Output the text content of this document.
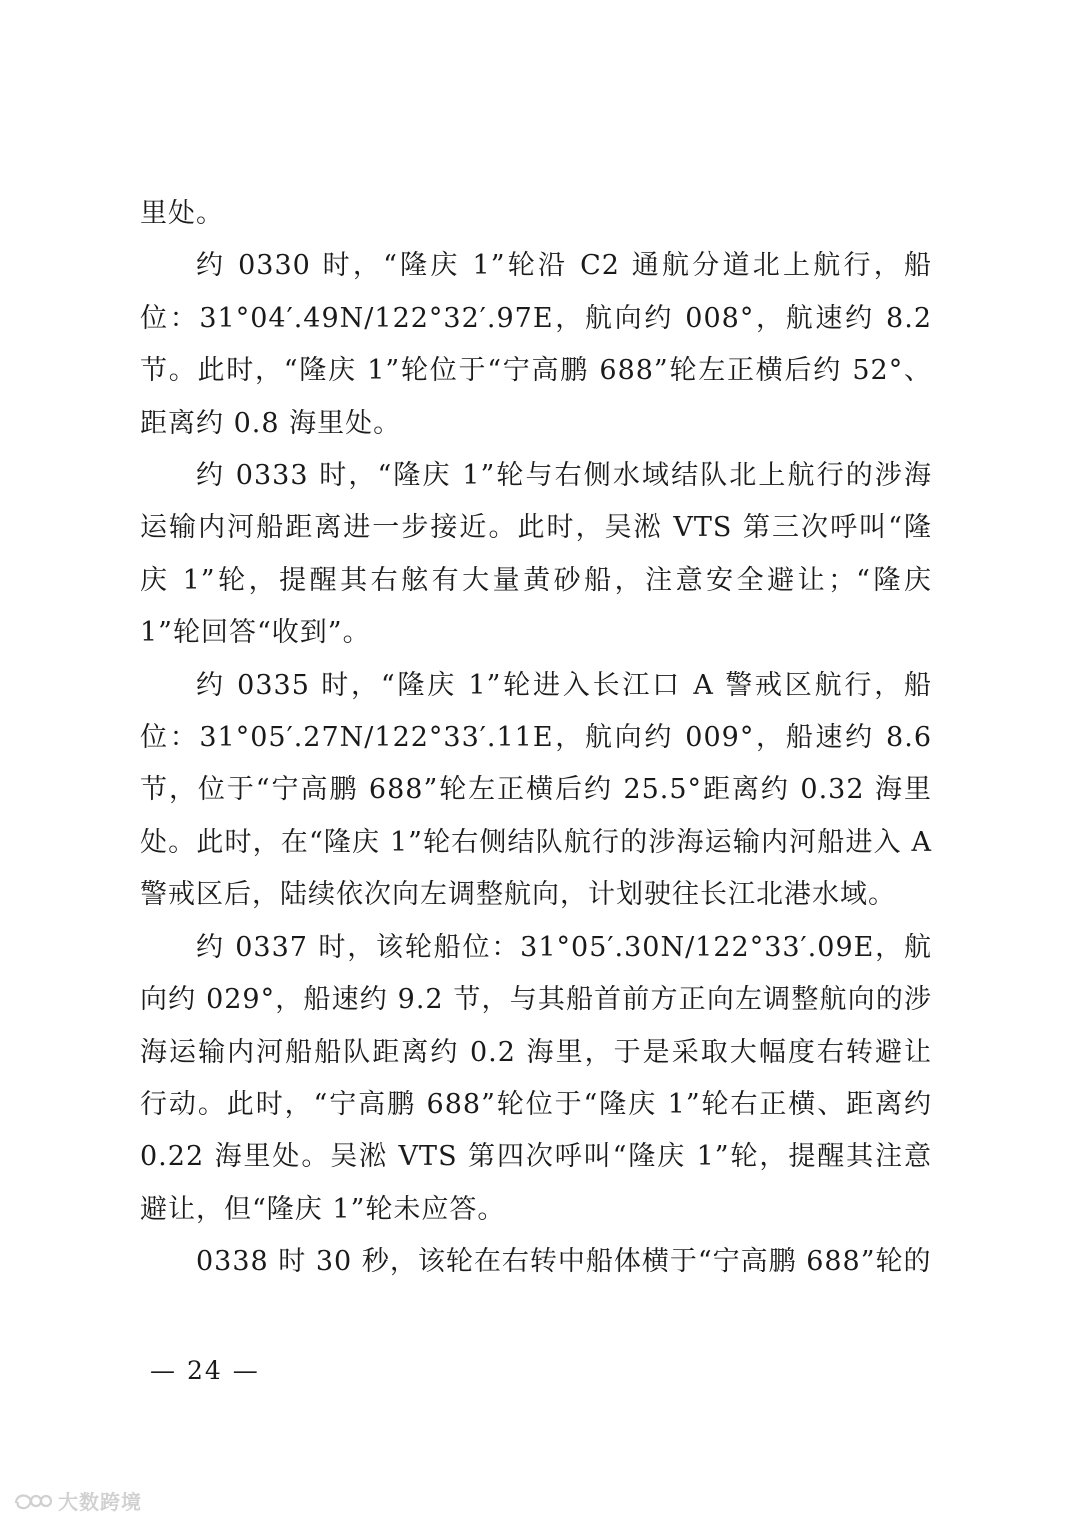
里处。

约 0330 时，“隆庆 1”轮沿 C2 通航分道北上航行，船位：31°04′.49N/122°32′.97E，航向约 008°，航速约 8.2 节。此时，“隆庆 1”轮位于“宁高鹏 688”轮左正横后约 52°、距离约 0.8 海里处。

约 0333 时，“隆庆 1”轮与右侧水域结队北上航行的涉海运输内河船距离进一步接近。此时，吴淞 VTS 第三次呼叫“隆庆 1”轮，提醒其右舷有大量黄砂船，注意安全避让；“隆庆 1”轮回答“收到”。

约 0335 时，“隆庆 1”轮进入长江口 A 警戒区航行，船位：31°05′.27N/122°33′.11E，航向约 009°，船速约 8.6 节，位于“宁高鹏 688”轮左正横后约 25.5°距离约 0.32 海里处。此时，在“隆庆 1”轮右侧结队航行的涉海运输内河船进入 A 警戒区后，陆续依次向左调整航向，计划驶往长江北港水域。

约 0337 时，该轮船位：31°05′.30N/122°33′.09E，航向约 029°，船速约 9.2 节，与其船首前方正向左调整航向的涉海运输内河船船队距离约 0.2 海里，于是采取大幅度右转避让行动。此时，“宁高鹏 688”轮位于“隆庆 1”轮右正横、距离约 0.22 海里处。吴淞 VTS 第四次呼叫“隆庆 1”轮，提醒其注意避让，但“隆庆 1”轮未应答。

0338 时 30 秒，该轮在右转中船体横于“宁高鹏 688”轮的

— 24 —
大数跨境
